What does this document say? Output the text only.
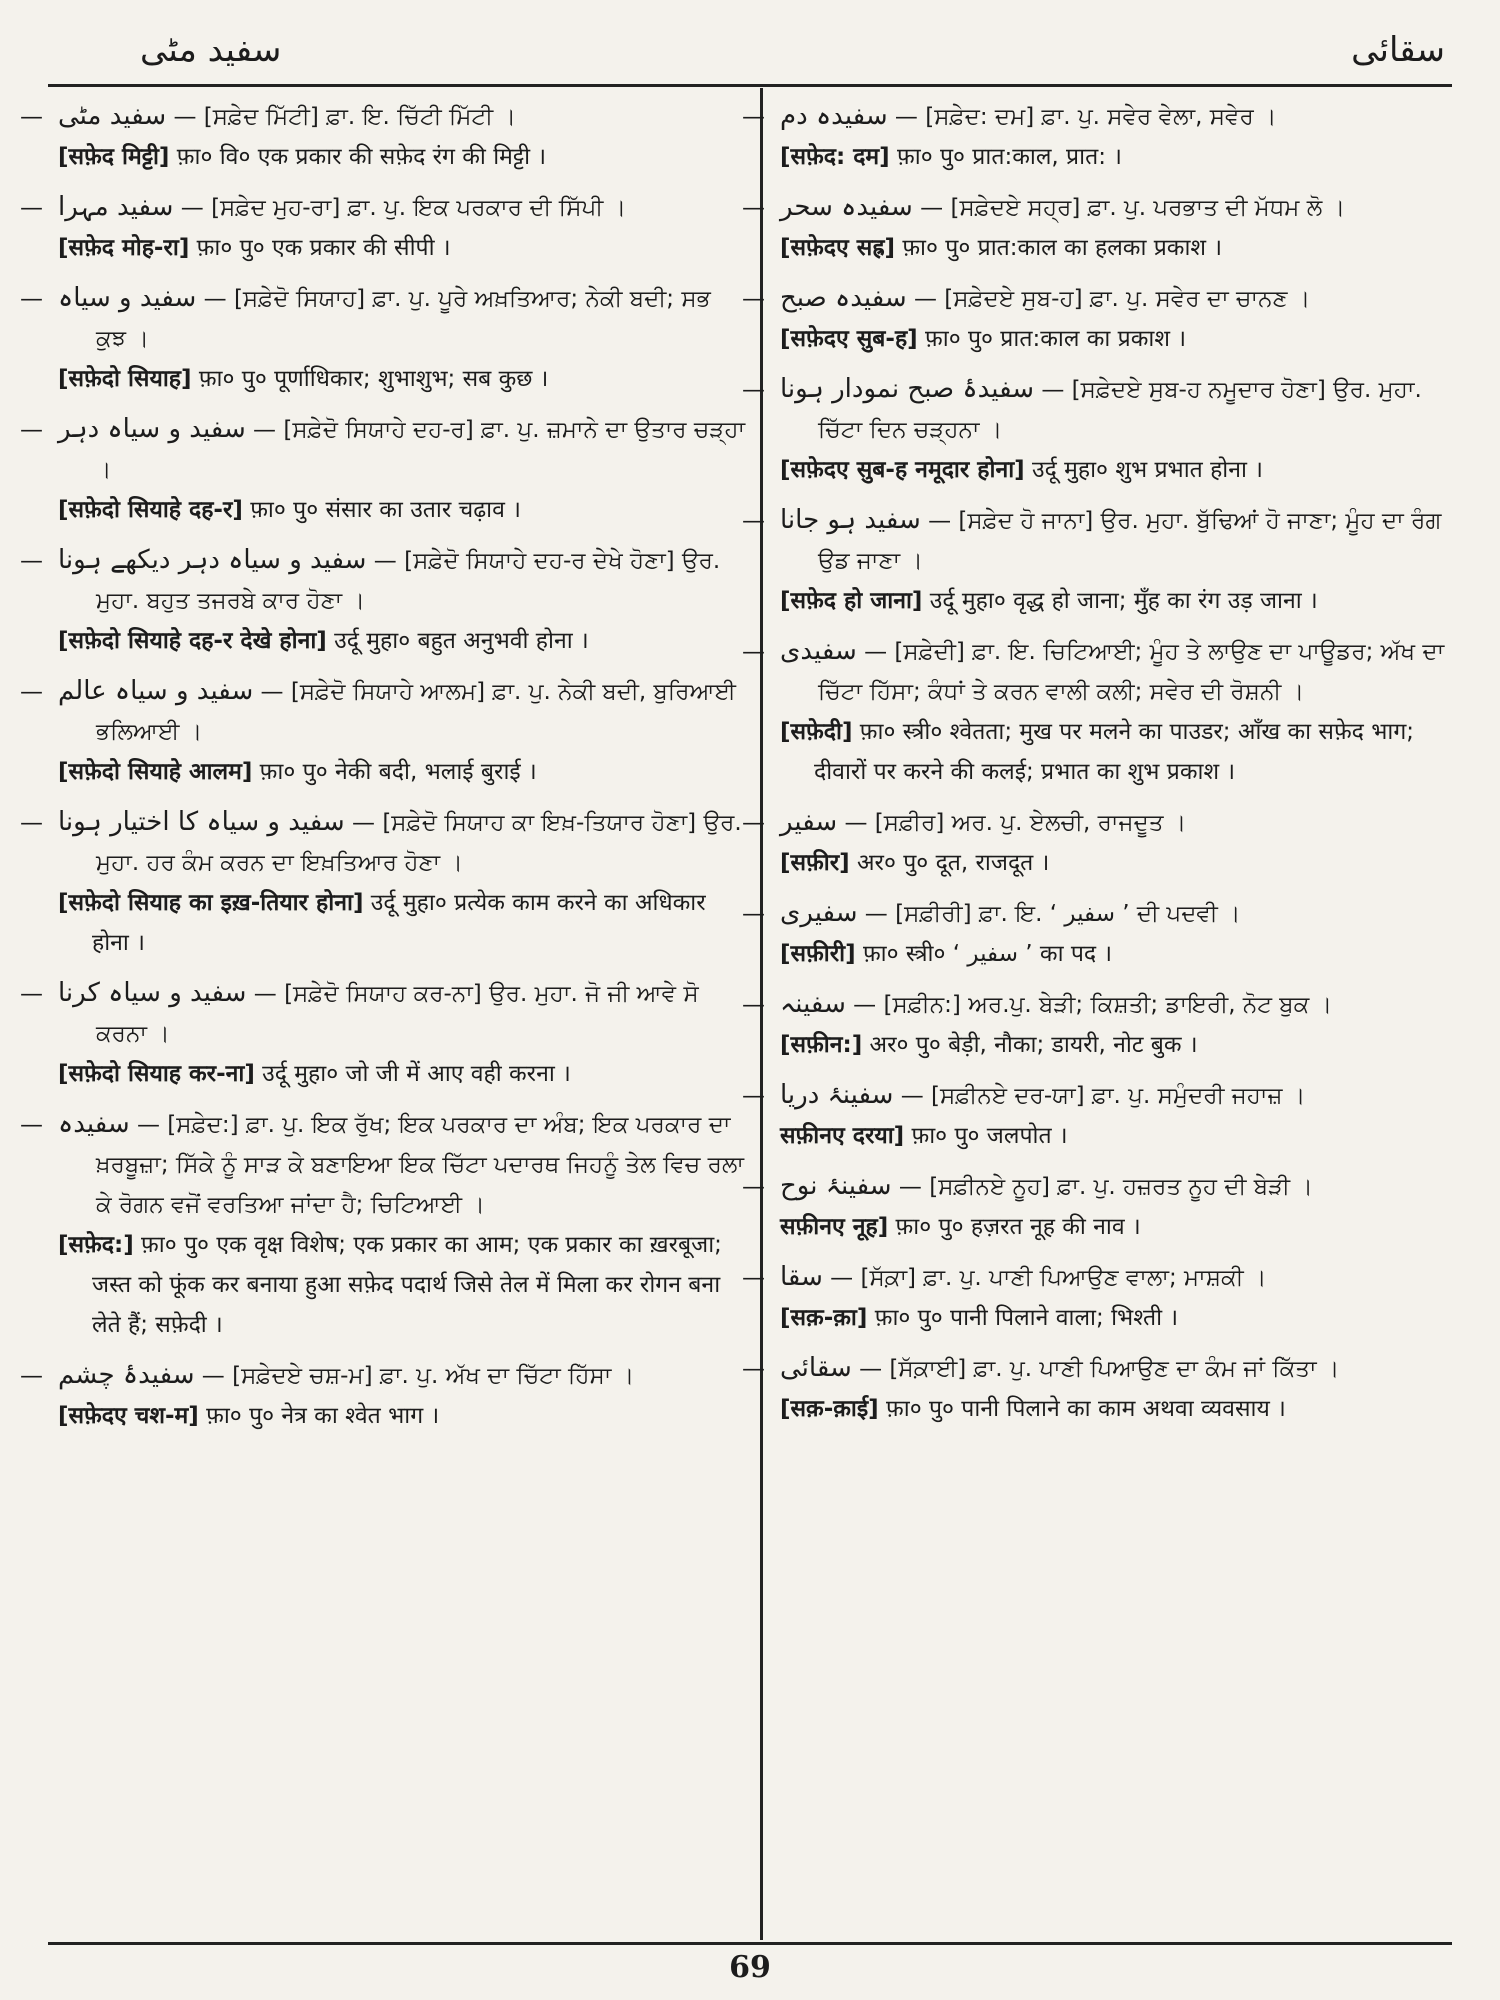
سفید مٹی	سقائی

—سفید مٹی — [ਸਫ਼ੇਦ ਮਿੱਟੀ] ਫ਼ਾ. ਇ. ਚਿੱਟੀ ਮਿੱਟੀ ।

[सफ़ेद मिट्टी] फ़ा० वि० एक प्रकार की सफ़ेद रंग की मिट्टी ।

—سفید مہرا — [ਸਫ਼ੇਦ ਮੁਹ-ਰਾ] ਫ਼ਾ. ਪੁ. ਇਕ ਪਰਕਾਰ ਦੀ ਸਿੱਪੀ ।

[सफ़ेद मोह-रा] फ़ा० पु० एक प्रकार की सीपी ।

—سفید و سیاہ — [ਸਫ਼ੇਦੋ ਸਿਯਾਹ] ਫ਼ਾ. ਪੁ. ਪੂਰੇ ਅਖ਼ਤਿਆਰ; ਨੇਕੀ ਬਦੀ; ਸਭ ਕੁਝ ।

[सफ़ेदो सियाह] फ़ा० पु० पूर्णाधिकार; शुभाशुभ; सब कुछ ।

—سفید و سیاہ دہر — [ਸਫ਼ੇਦੋ ਸਿਯਾਹੇ ਦਹ-ਰ] ਫ਼ਾ. ਪੁ. ਜ਼ਮਾਨੇ ਦਾ ਉਤਾਰ ਚੜ੍ਹਾ ।

[सफ़ेदो सियाहे दह-र] फ़ा० पु० संसार का उतार चढ़ाव ।

—سفید و سیاہ دہر دیکھے ہونا — [ਸਫ਼ੇਦੋ ਸਿਯਾਹੇ ਦਹ-ਰ ਦੇਖੇ ਹੋਣਾ] ਉਰ. ਮੁਹਾ. ਬਹੁਤ ਤਜਰਬੇ ਕਾਰ ਹੋਣਾ ।

[सफ़ेदो सियाहे दह-र देखे होना] उर्दू मुहा० बहुत अनुभवी होना ।

—سفید و سیاہ عالم — [ਸਫ਼ੇਦੋ ਸਿਯਾਹੇ ਆਲਮ] ਫ਼ਾ. ਪੁ. ਨੇਕੀ ਬਦੀ, ਬੁਰਿਆਈ ਭਲਿਆਈ ।

[सफ़ेदो सियाहे आलम] फ़ा० पु० नेकी बदी, भलाई बुराई ।

—سفید و سیاہ کا اختیار ہونا — [ਸਫ਼ੇਦੋ ਸਿਯਾਹ ਕਾ ਇਖ਼-ਤਿਯਾਰ ਹੋਣਾ] ਉਰ. ਮੁਹਾ. ਹਰ ਕੰਮ ਕਰਨ ਦਾ ਇਖ਼ਤਿਆਰ ਹੋਣਾ ।

[सफ़ेदो सियाह का इख़-तियार होना] उर्दू मुहा० प्रत्येक काम करने का अधिकार होना ।

—سفید و سیاہ کرنا — [ਸਫ਼ੇਦੋ ਸਿਯਾਹ ਕਰ-ਨਾ] ਉਰ. ਮੁਹਾ. ਜੋ ਜੀ ਆਵੇ ਸੋ ਕਰਨਾ ।

[सफ़ेदो सियाह कर-ना] उर्दू मुहा० जो जी में आए वही करना ।

—سفیدہ — [ਸਫ਼ੇਦ:] ਫ਼ਾ. ਪੁ. ਇਕ ਰੁੱਖ; ਇਕ ਪਰਕਾਰ ਦਾ ਅੰਬ; ਇਕ ਪਰਕਾਰ ਦਾ ਖ਼ਰਬੂਜ਼ਾ; ਸਿੱਕੇ ਨੂੰ ਸਾੜ ਕੇ ਬਣਾਇਆ ਇਕ ਚਿੱਟਾ ਪਦਾਰਥ ਜਿਹਨੂੰ ਤੇਲ ਵਿਚ ਰਲਾ ਕੇ ਰੋਗਨ ਵਜੋਂ ਵਰਤਿਆ ਜਾਂਦਾ ਹੈ; ਚਿਟਿਆਈ ।

[सफ़ेद:] फ़ा० पु० एक वृक्ष विशेष; एक प्रकार का आम; एक प्रकार का ख़रबूजा; जस्त को फूंक कर बनाया हुआ सफ़ेद पदार्थ जिसे तेल में मिला कर रोगन बना लेते हैं; सफ़ेदी ।

—سفیدۂ چشم — [ਸਫ਼ੇਦਏ ਚਸ਼-ਮ] ਫ਼ਾ. ਪੁ. ਅੱਖ ਦਾ ਚਿੱਟਾ ਹਿੱਸਾ ।

[सफ़ेदए चश-म] फ़ा० पु० नेत्र का श्वेत भाग ।

—سفیدہ دم — [ਸਫ਼ੇਦ: ਦਮ] ਫ਼ਾ. ਪੁ. ਸਵੇਰ ਵੇਲਾ, ਸਵੇਰ ।

[सफ़ेद: दम] फ़ा० पु० प्रात:काल, प्रात: ।

—سفیدہ سحر — [ਸਫ਼ੇਦਏ ਸਹ੍ਰ] ਫ਼ਾ. ਪੁ. ਪਰਭਾਤ ਦੀ ਮੱਧਮ ਲੋ ।

[सफ़ेदए सह्र] फ़ा० पु० प्रात:काल का हलका प्रकाश ।

—سفیدہ صبح — [ਸਫ਼ੇਦਏ ਸੁਬ-ਹ] ਫ਼ਾ. ਪੁ. ਸਵੇਰ ਦਾ ਚਾਨਣ ।

[सफ़ेदए सुब-ह] फ़ा० पु० प्रात:काल का प्रकाश ।

—سفیدۂ صبح نمودار ہونا — [ਸਫ਼ੇਦਏ ਸੁਬ-ਹ ਨਮੂਦਾਰ ਹੋਣਾ] ਉਰ. ਮੁਹਾ. ਚਿੱਟਾ ਦਿਨ ਚੜ੍ਹਨਾ ।

[सफ़ेदए सुब-ह नमूदार होना] उर्दू मुहा० शुभ प्रभात होना ।

—سفید ہو جانا — [ਸਫ਼ੇਦ ਹੋ ਜਾਨਾ] ਉਰ. ਮੁਹਾ. ਬੁੱਢਿਆਂ ਹੋ ਜਾਣਾ; ਮੂੰਹ ਦਾ ਰੰਗ ਉਡ ਜਾਣਾ ।

[सफ़ेद हो जाना] उर्दू मुहा० वृद्ध हो जाना; मुँह का रंग उड़ जाना ।

—سفیدی — [ਸਫ਼ੇਦੀ] ਫ਼ਾ. ਇ. ਚਿਟਿਆਈ; ਮੂੰਹ ਤੇ ਲਾਉਣ ਦਾ ਪਾਊਡਰ; ਅੱਖ ਦਾ ਚਿੱਟਾ ਹਿੱਸਾ; ਕੰਧਾਂ ਤੇ ਕਰਨ ਵਾਲੀ ਕਲੀ; ਸਵੇਰ ਦੀ ਰੋਸ਼ਨੀ ।

[सफ़ेदी] फ़ा० स्त्री० श्वेतता; मुख पर मलने का पाउडर; आँख का सफ़ेद भाग; दीवारों पर करने की कलई; प्रभात का शुभ प्रकाश ।

—سفیر — [ਸਫ਼ੀਰ] ਅਰ. ਪੁ. ਏਲਚੀ, ਰਾਜਦੂਤ ।

[सफ़ीर] अर० पु० दूत, राजदूत ।

—سفیری — [ਸਫ਼ੀਰੀ] ਫ਼ਾ. ਇ. ‘ سفیر ’ ਦੀ ਪਦਵੀ ।

[सफ़ीरी] फ़ा० स्त्री० ‘ سفیر ’ का पद ।

—سفینہ — [ਸਫ਼ੀਨ:] ਅਰ.ਪੁ. ਬੇੜੀ; ਕਿਸ਼ਤੀ; ਡਾਇਰੀ, ਨੋਟ ਬੁਕ ।

[सफ़ीन:] अर० पु० बेड़ी, नौका; डायरी, नोट बुक ।

—سفینۂ دریا — [ਸਫ਼ੀਨਏ ਦਰ-ਯਾ] ਫ਼ਾ. ਪੁ. ਸਮੁੰਦਰੀ ਜਹਾਜ਼ ।

सफ़ीनए दरया] फ़ा० पु० जलपोत ।

—سفینۂ نوح — [ਸਫ਼ੀਨਏ ਨੂਹ] ਫ਼ਾ. ਪੁ. ਹਜ਼ਰਤ ਨੂਹ ਦੀ ਬੇੜੀ ।

सफ़ीनए नूह] फ़ा० पु० हज़रत नूह की नाव ।

—سقا — [ਸੱਕ਼ਾ] ਫ਼ਾ. ਪੁ. ਪਾਣੀ ਪਿਆਉਣ ਵਾਲਾ; ਮਾਸ਼ਕੀ ।

[सक़-क़ा] फ़ा० पु० पानी पिलाने वाला; भिश्ती ।

—سقائی — [ਸੱਕ਼ਾਈ] ਫ਼ਾ. ਪੁ. ਪਾਣੀ ਪਿਆਉਣ ਦਾ ਕੰਮ ਜਾਂ ਕਿੱਤਾ ।

[सक़-क़ाई] फ़ा० पु० पानी पिलाने का काम अथवा व्यवसाय ।

69
